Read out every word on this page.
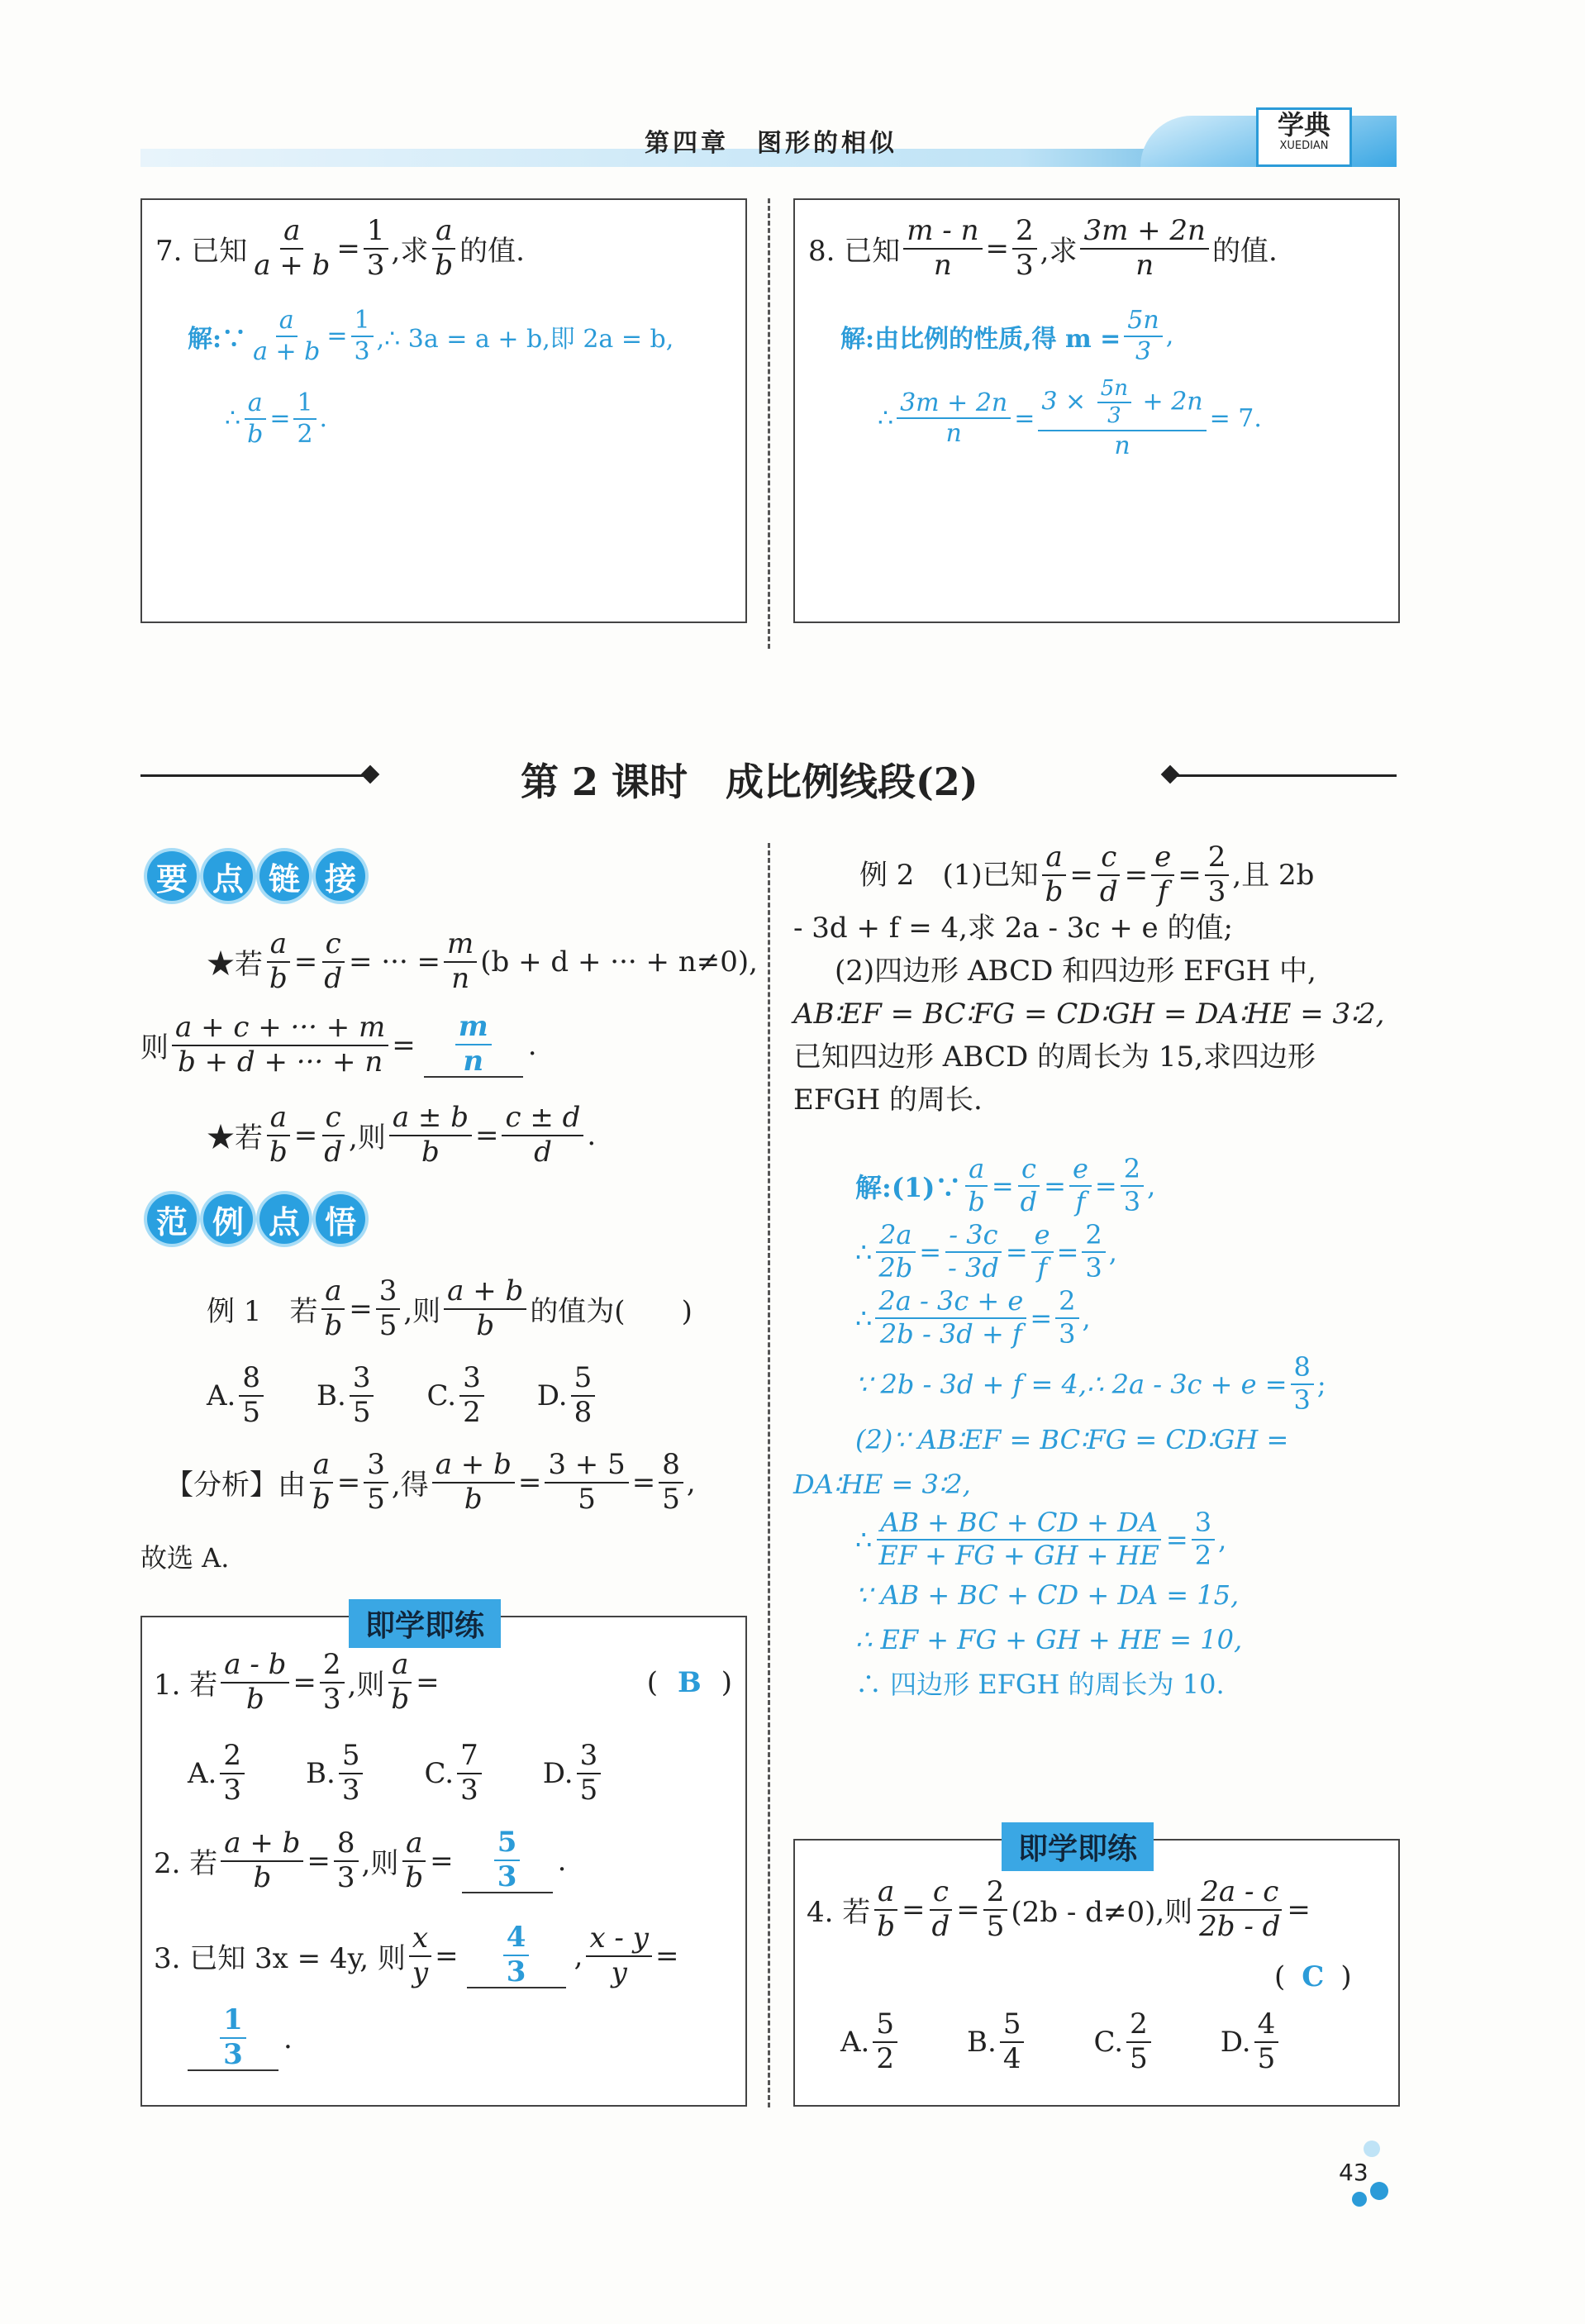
第四章　图形的相似
学典
XUEDIAN
7. 已知 $\frac{a}{a + b} = \frac{1}{3}$ ,求 $\frac{a}{b}$ 的值.
解:∵ $\frac{a}{a + b} = \frac{1}{3}$ ,∴ 3a = a + b,即 2a = b,
∴ $\frac{a}{b} = \frac{1}{2}$ .
8. 已知 $\frac{m - n}{n} = \frac{2}{3}$ ,求 $\frac{3m + 2n}{n}$ 的值.
解:由比例的性质,得 $m = \frac{5n}{3}$ ,
∴ $\frac{3m + 2n}{n} = \frac{3 \times \frac{5n}{3} + 2n}{n} = 7$.
第 2 课时　成比例线段(2)
要 点 链 接
★若 $\frac{a}{b} = \frac{c}{d}$ = ··· = $\frac{m}{n} (b + d$ + ··· + n≠0),
则 $\frac{a + c + \cdot\cdot\cdot + m}{b + d + \cdot\cdot\cdot + n} = \frac{m}{n}$ .
★若 $\frac{a}{b} = \frac{c}{d}$ ,则 $\frac{a \pm b}{b} = \frac{c \pm d}{d}$ .
范 例 点 悟
例 1　若 $\frac{a}{b} = \frac{3}{5}$ ,则 $\frac{a + b}{b}$ 的值为(　　)
A. $\frac{8}{5} B$. $\frac{3}{5} C$. $\frac{3}{2} D$. $\frac{5}{8}$
【分析】由 $\frac{a}{b} = \frac{3}{5}$ ,得 $\frac{a + b}{b} = \frac{3 + 5}{5} = \frac{8}{5}$ ,
故选 A.
即学即练
1. 若 $\frac{a - b}{b} = \frac{2}{3}$ ,则 $\frac{a}{b}$ =	( B )
A. $\frac{2}{3} B$. $\frac{5}{3} C$. $\frac{7}{3} D$. $\frac{3}{5}$
2. 若 $\frac{a + b}{b} = \frac{8}{3}$ ,则 $\frac{a}{b} = \frac{5}{3}$ .
3. 已知 3x = 4y, 则 $\frac{x}{y} = \frac{4}{3}$ , $\frac{x - y}{y}$ =
$\frac{1}{3}$ .
例 2　(1)已知 $\frac{a}{b} = \frac{c}{d} = \frac{e}{f} = \frac{2}{3}$ ,且 2b
- 3d + f = 4,求 2a - 3c + e 的值;
(2)四边形 ABCD 和四边形 EFGH 中,
AB∶EF = BC∶FG = CD∶GH = DA∶HE = 3∶2,
已知四边形 ABCD 的周长为 15,求四边形
EFGH 的周长.
解:(1)∵ $\frac{a}{b} = \frac{c}{d} = \frac{e}{f} = \frac{2}{3}$ ,
∴ $\frac{2a}{2b} = \frac{- 3c}{- 3d} = \frac{e}{f} = \frac{2}{3}$ ,
∴ $\frac{2a - 3c + e}{2b - 3d + f} = \frac{2}{3}$ ,
∵ 2b - 3d + f = 4,∴ $2a - 3c + e = \frac{8}{3}$ ;
(2)∵ AB∶EF = BC∶FG = CD∶GH =
DA∶HE = 3∶2,
∴ $\frac{AB + BC + CD + DA}{EF + FG + GH + HE} = \frac{3}{2}$ ,
∵ AB + BC + CD + DA = 15,
∴ EF + FG + GH + HE = 10,
∴ 四边形 EFGH 的周长为 10.
即学即练
4. 若 $\frac{a}{b} = \frac{c}{d} = \frac{2}{5} (2b - d\ne 0)$,则 $\frac{2a - c}{2b - d}$ =
( C )
A. $\frac{5}{2} B$. $\frac{5}{4} C$. $\frac{2}{5} D$. $\frac{4}{5}$
43
